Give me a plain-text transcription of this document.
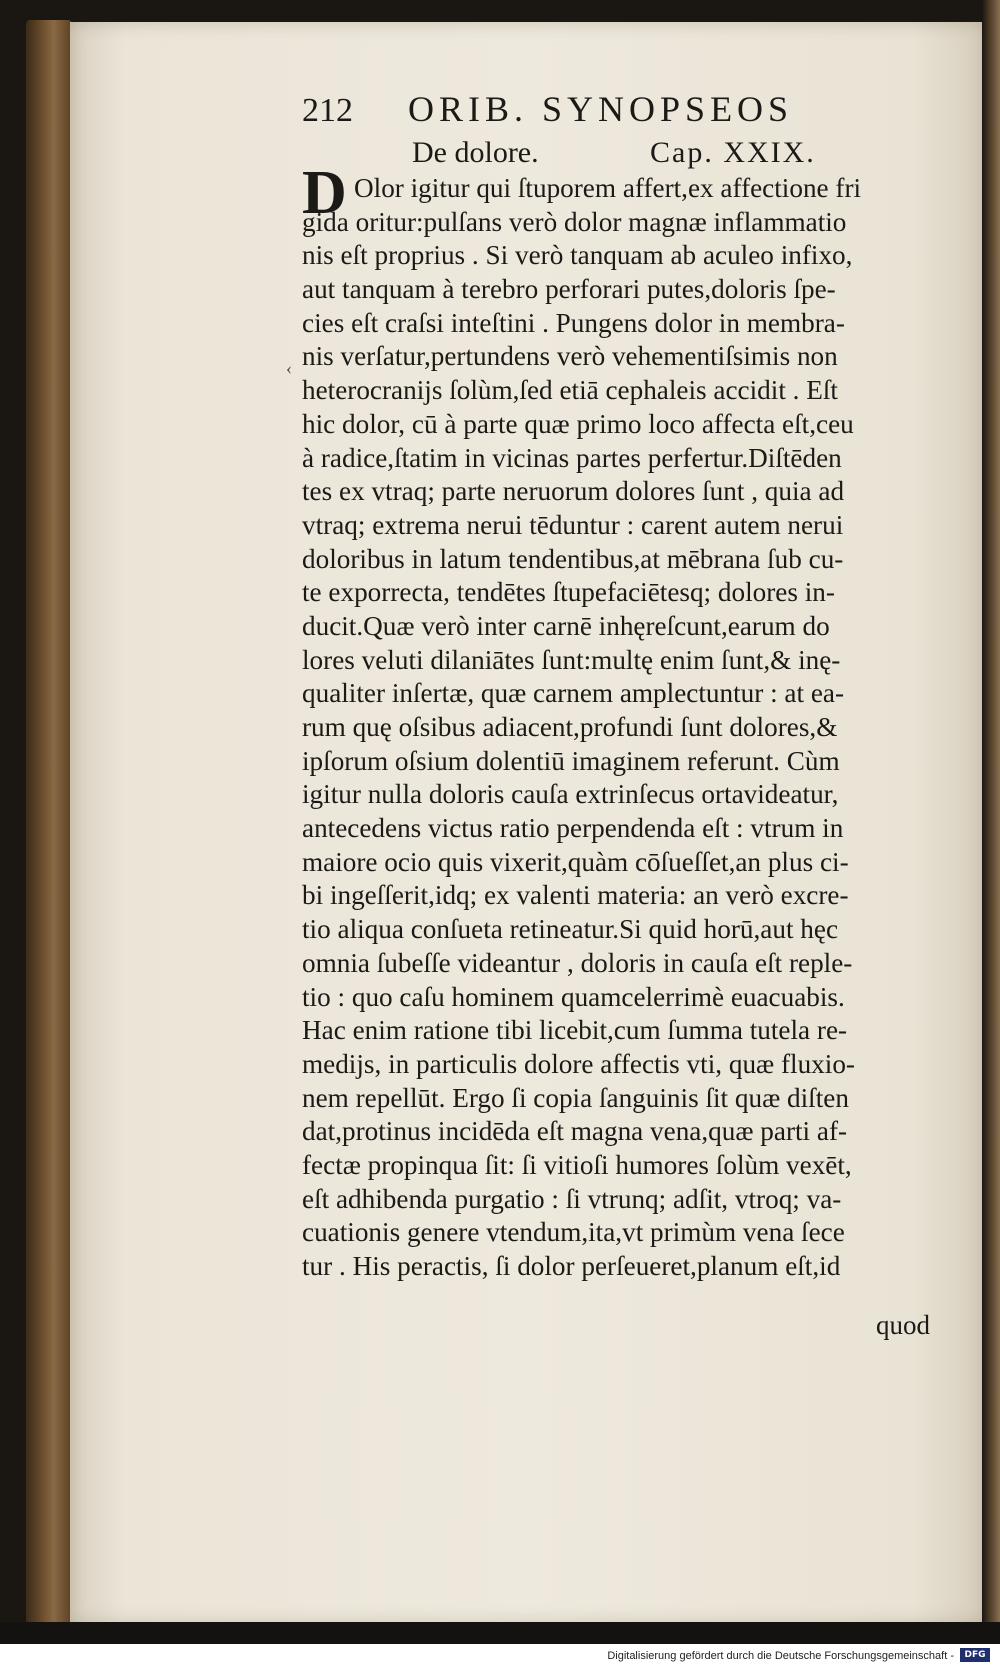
212 ORIB. SYNOPSEOS
De dolore.	Cap. XXIX.
‹
D Olor igitur qui ſtuporem affert,ex affectione fri
gida oritur:pulſans verò dolor magnæ inflammatio
nis eſt proprius . Si verò tanquam ab aculeo infixo,
aut tanquam à terebro perforari putes,doloris ſpe-
cies eſt craſsi inteſtini . Pungens dolor in membra-
nis verſatur,pertundens verò vehementiſsimis non
heterocranijs ſolùm,ſed etiā cephaleis accidit . Eſt
hic dolor, cū à parte quæ primo loco affecta eſt,ceu
à radice,ſtatim in vicinas partes perfertur.Diſtēden
tes ex vtraq; parte neruorum dolores ſunt , quia ad
vtraq; extrema nerui tēduntur : carent autem nerui
doloribus in latum tendentibus,at mēbrana ſub cu-
te exporrecta, tendētes ſtupefaciētesq; dolores in-
ducit.Quæ verò inter carnē inhęreſcunt,earum do
lores veluti dilaniātes ſunt:multę enim ſunt,& inę-
qualiter inſertæ, quæ carnem amplectuntur : at ea-
rum quę oſsibus adiacent,profundi ſunt dolores,&
ipſorum oſsium dolentiū imaginem referunt. Cùm
igitur nulla doloris cauſa extrinſecus ortavideatur,
antecedens victus ratio perpendenda eſt : vtrum in
maiore ocio quis vixerit,quàm cōſueſſet,an plus ci-
bi ingeſſerit,idq; ex valenti materia: an verò excre-
tio aliqua conſueta retineatur.Si quid horū,aut hęc
omnia ſubeſſe videantur , doloris in cauſa eſt reple-
tio : quo caſu hominem quamcelerrimè euacuabis.
Hac enim ratione tibi licebit,cum ſumma tutela re-
medijs, in particulis dolore affectis vti, quæ fluxio-
nem repellūt. Ergo ſi copia ſanguinis ſit quæ diſten
dat,protinus incidēda eſt magna vena,quæ parti af-
fectæ propinqua ſit: ſi vitioſi humores ſolùm vexēt,
eſt adhibenda purgatio : ſi vtrunq; adſit, vtroq; va-
cuationis genere vtendum,ita,vt primùm vena ſece
tur . His peractis, ſi dolor perſeueret,planum eſt,id
quod
Digitalisierung gefördert durch die Deutsche Forschungsgemeinschaft -	DFG
